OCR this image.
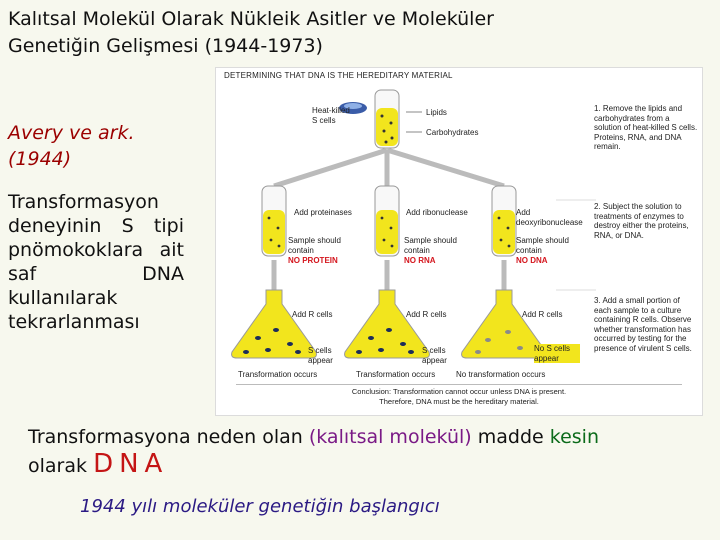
Kalıtsal Molekül Olarak Nükleik Asitler ve Moleküler
Genetiğin Gelişmesi (1944-1973)
Avery ve ark. (1944)
Transformasyon deneyinin S tipi pnömokoklara ait saf DNA kullanılarak tekrarlanması
DETERMINING THAT DNA IS THE HEREDITARY MATERIAL
Heat-killed S cells
Lipids
Carbohydrates
1. Remove the lipids and carbohydrates from a solution of heat-killed S cells. Proteins, RNA, and DNA remain.
2. Subject the solution to treatments of enzymes to destroy either the proteins, RNA, or DNA.
3. Add a small portion of each sample to a culture containing R cells. Observe whether transformation has occurred by testing for the presence of virulent S cells.
Add proteinases	Add ribonuclease	Add deoxyribonuclease
Sample should contain
NO PROTEIN
Sample should contain
NO RNA
Sample should contain
NO DNA
Add R cells	Add R cells	Add R cells
S cells appear
S cells appear
No S cells appear
Transformation occurs	Transformation occurs	No transformation occurs
Conclusion: Transformation cannot occur unless DNA is present.
Therefore, DNA must be the hereditary material.
Transformasyona neden olan (kalıtsal molekül) madde kesin
olarak DNA
1944 yılı moleküler genetiğin başlangıcı
